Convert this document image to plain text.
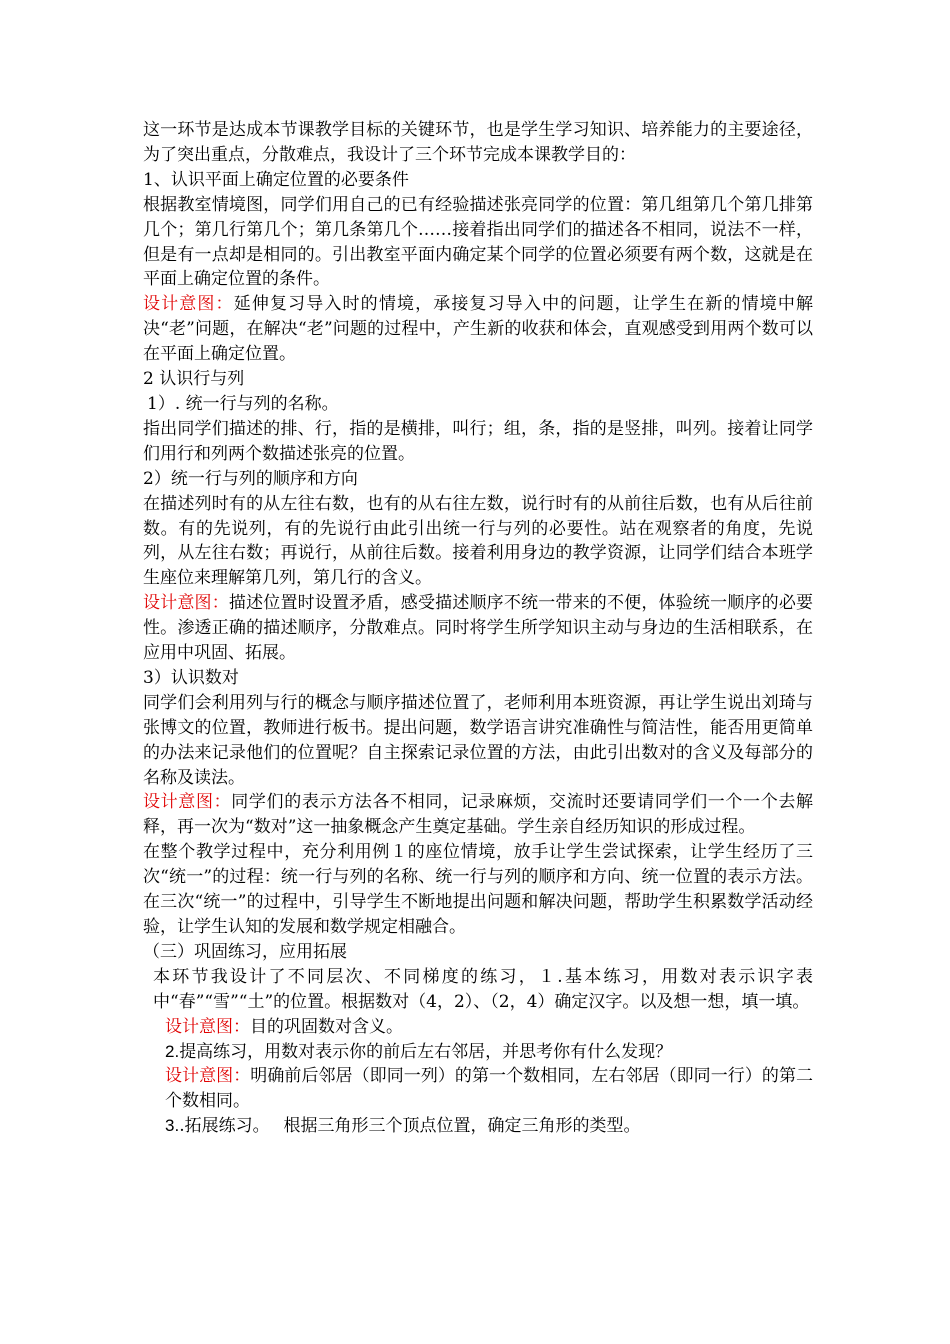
这一环节是达成本节课教学目标的关键环节，也是学生学习知识、培养能力的主要途径，为了突出重点，分散难点，我设计了三个环节完成本课教学目的：

1、认识平面上确定位置的必要条件

根据教室情境图，同学们用自己的已有经验描述张亮同学的位置：第几组第几个第几排第几个；第几行第几个；第几条第几个……接着指出同学们的描述各不相同，说法不一样，但是有一点却是相同的。引出教室平面内确定某个同学的位置必须要有两个数，这就是在平面上确定位置的条件。

设计意图：延伸复习导入时的情境，承接复习导入中的问题，让学生在新的情境中解决“老”问题，在解决“老”问题的过程中，产生新的收获和体会，直观感受到用两个数可以在平面上确定位置。

2 认识行与列

1）. 统一行与列的名称。

指出同学们描述的排、行，指的是横排，叫行；组，条，指的是竖排，叫列。接着让同学们用行和列两个数描述张亮的位置。

2）统一行与列的顺序和方向

在描述列时有的从左往右数，也有的从右往左数，说行时有的从前往后数，也有从后往前数。有的先说列，有的先说行由此引出统一行与列的必要性。站在观察者的角度，先说列，从左往右数；再说行，从前往后数。接着利用身边的教学资源，让同学们结合本班学生座位来理解第几列，第几行的含义。

设计意图：描述位置时设置矛盾，感受描述顺序不统一带来的不便，体验统一顺序的必要性。渗透正确的描述顺序，分散难点。同时将学生所学知识主动与身边的生活相联系，在应用中巩固、拓展。

3）认识数对

同学们会利用列与行的概念与顺序描述位置了，老师利用本班资源，再让学生说出刘琦与张博文的位置，教师进行板书。提出问题，数学语言讲究准确性与简洁性，能否用更简单的办法来记录他们的位置呢？自主探索记录位置的方法，由此引出数对的含义及每部分的名称及读法。

设计意图：同学们的表示方法各不相同，记录麻烦，交流时还要请同学们一个一个去解释，再一次为“数对”这一抽象概念产生奠定基础。学生亲自经历知识的形成过程。

在整个教学过程中，充分利用例１的座位情境，放手让学生尝试探索，让学生经历了三次“统一”的过程：统一行与列的名称、统一行与列的顺序和方向、统一位置的表示方法。在三次“统一”的过程中，引导学生不断地提出问题和解决问题，帮助学生积累数学活动经验，让学生认知的发展和数学规定相融合。

（三）巩固练习，应用拓展

本环节我设计了不同层次、不同梯度的练习，１.基本练习，用数对表示识字表中“春”“雪”“土”的位置。根据数对（4，2）、（2，4）确定汉字。以及想一想，填一填。

设计意图：目的巩固数对含义。

2.提高练习，用数对表示你的前后左右邻居，并思考你有什么发现？

设计意图：明确前后邻居（即同一列）的第一个数相同，左右邻居（即同一行）的第二个数相同。

3..拓展练习。　 根据三角形三个顶点位置，确定三角形的类型。
